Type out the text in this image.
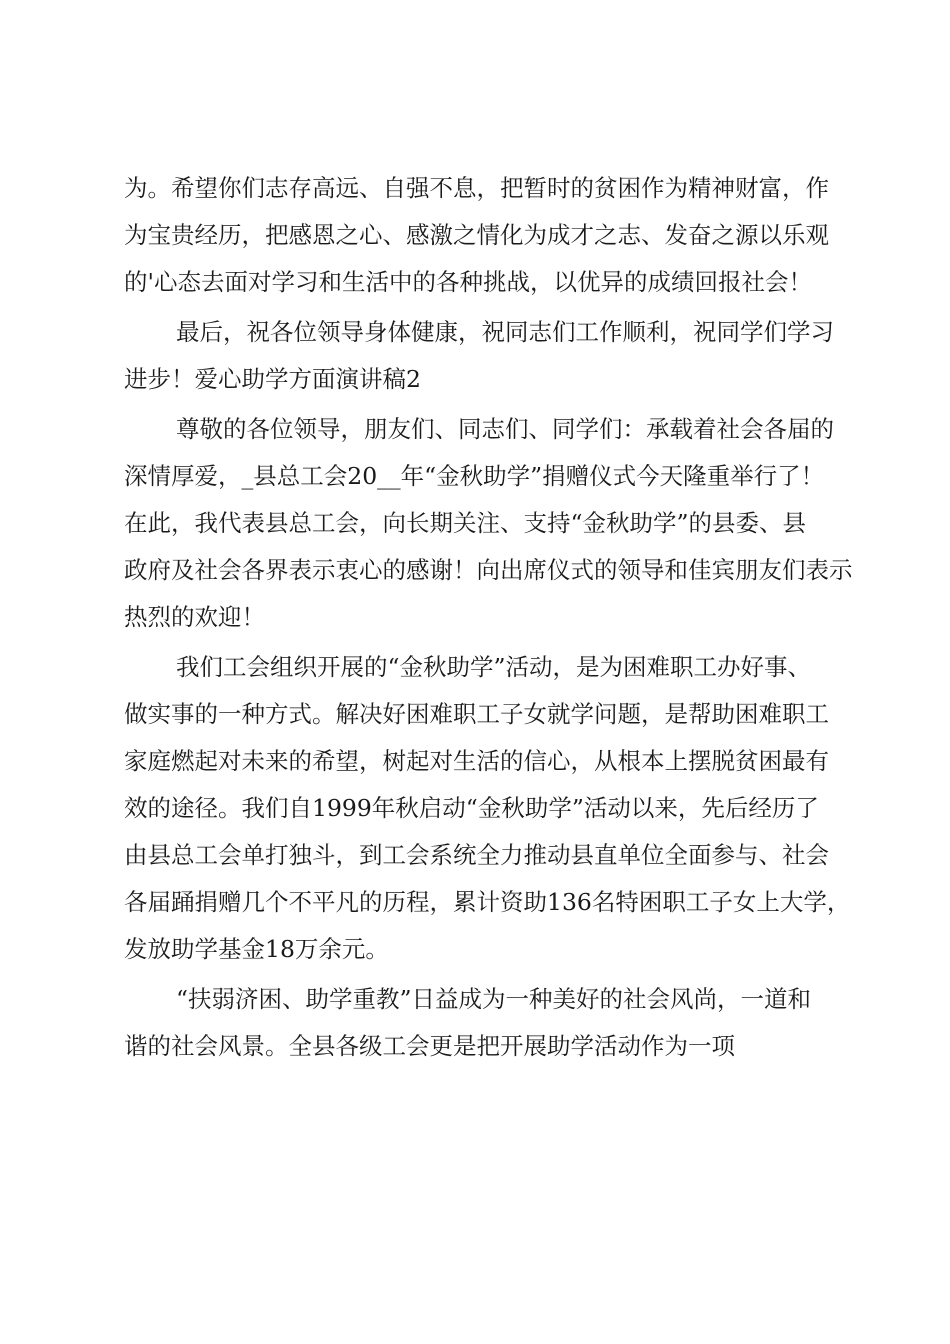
为。希望你们志存高远、自强不息，把暂时的贫困作为精神财富，作
为宝贵经历，把感恩之心、感激之情化为成才之志、发奋之源以乐观
的'心态去面对学习和生活中的各种挑战，以优异的成绩回报社会！
最后，祝各位领导身体健康，祝同志们工作顺利，祝同学们学习
进步！爱心助学方面演讲稿2
尊敬的各位领导，朋友们、同志们、同学们：承载着社会各届的
深情厚爱，_县总工会20__年“金秋助学”捐赠仪式今天隆重举行了！
在此，我代表县总工会，向长期关注、支持“金秋助学”的县委、县
政府及社会各界表示衷心的感谢！向出席仪式的领导和佳宾朋友们表示
热烈的欢迎！
我们工会组织开展的“金秋助学”活动，是为困难职工办好事、
做实事的一种方式。解决好困难职工子女就学问题，是帮助困难职工
家庭燃起对未来的希望，树起对生活的信心，从根本上摆脱贫困最有
效的途径。我们自1999年秋启动“金秋助学”活动以来，先后经历了
由县总工会单打独斗，到工会系统全力推动县直单位全面参与、社会
各届踊捐赠几个不平凡的历程，累计资助136名特困职工子女上大学，
发放助学基金18万余元。
“扶弱济困、助学重教”日益成为一种美好的社会风尚，一道和
谐的社会风景。全县各级工会更是把开展助学活动作为一项
